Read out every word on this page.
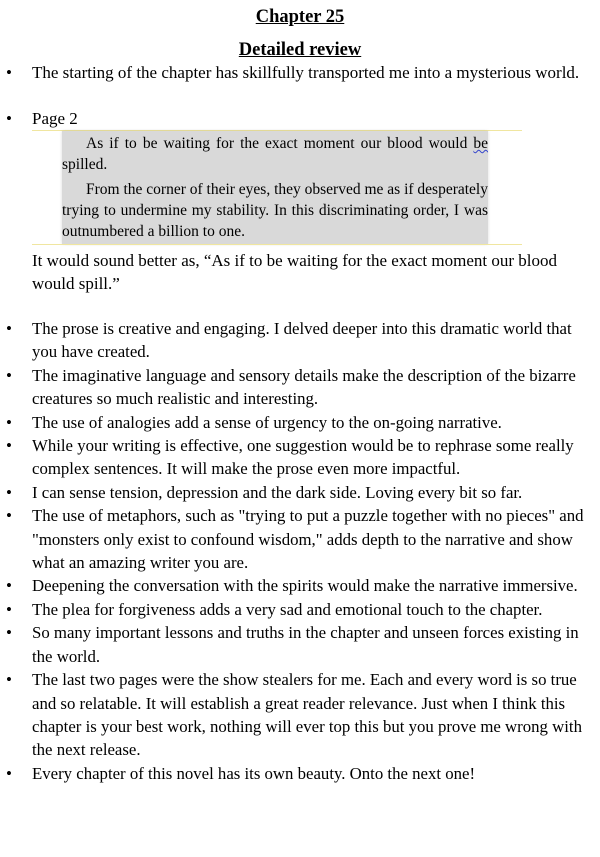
Chapter 25
Detailed review
• The starting of the chapter has skillfully transported me into a mysterious world.
• Page 2

As if to be waiting for the exact moment our blood would be spilled.

From the corner of their eyes, they observed me as if desperately trying to undermine my stability. In this discriminating order, I was outnumbered a billion to one.

It would sound better as, “As if to be waiting for the exact moment our blood would spill.”
• The prose is creative and engaging. I delved deeper into this dramatic world that you have created.
• The imaginative language and sensory details make the description of the bizarre creatures so much realistic and interesting.
• The use of analogies add a sense of urgency to the on-going narrative.
• While your writing is effective, one suggestion would be to rephrase some really complex sentences. It will make the prose even more impactful.
• I can sense tension, depression and the dark side. Loving every bit so far.
• The use of metaphors, such as "trying to put a puzzle together with no pieces" and "monsters only exist to confound wisdom," adds depth to the narrative and show what an amazing writer you are.
• Deepening the conversation with the spirits would make the narrative immersive.
• The plea for forgiveness adds a very sad and emotional touch to the chapter.
• So many important lessons and truths in the chapter and unseen forces existing in the world.
• The last two pages were the show stealers for me. Each and every word is so true and so relatable. It will establish a great reader relevance. Just when I think this chapter is your best work, nothing will ever top this but you prove me wrong with the next release.
• Every chapter of this novel has its own beauty. Onto the next one!
